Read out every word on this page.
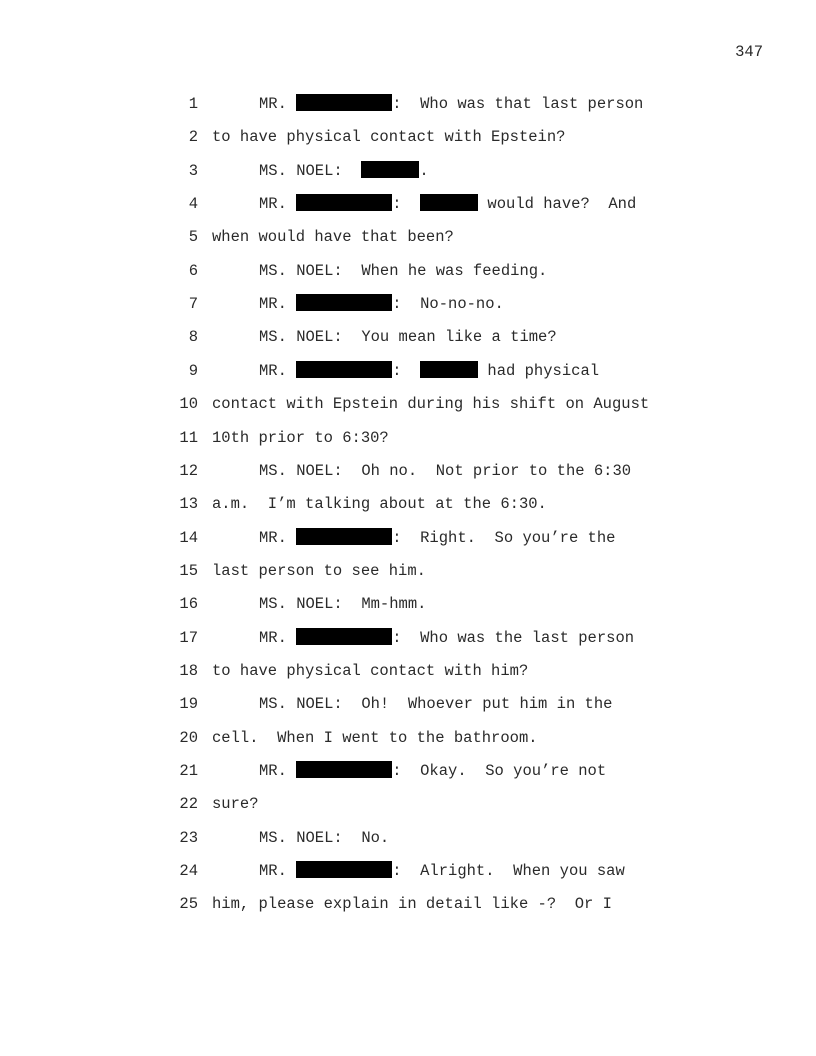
347
1	MR.	:  Who was that last person
2 to have physical contact with Epstein?
3	MS. NOEL:	.
4	MR.	:	would have?  And
5 when would have that been?
6	MS. NOEL:  When he was feeding.
7	MR.	:  No-no-no.
8	MS. NOEL:  You mean like a time?
9	MR.	:	had physical
10 contact with Epstein during his shift on August
11 10th prior to 6:30?
12	MS. NOEL:  Oh no.  Not prior to the 6:30
13 a.m.  I’m talking about at the 6:30.
14	MR.	:  Right.  So you’re the
15 last person to see him.
16	MS. NOEL:  Mm-hmm.
17	MR.	:  Who was the last person
18 to have physical contact with him?
19	MS. NOEL:  Oh!  Whoever put him in the
20 cell.  When I went to the bathroom.
21	MR.	:  Okay.  So you’re not
22 sure?
23	MS. NOEL:  No.
24	MR.	:  Alright.  When you saw
25 him, please explain in detail like -?  Or I
